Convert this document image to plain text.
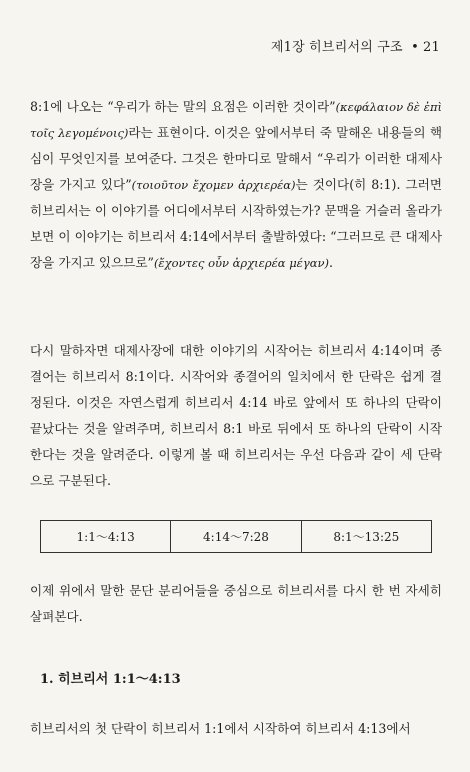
제1장 히브리서의 구조 • 21

8:1에 나오는 “우리가 하는 말의 요점은 이러한 것이라”(κεφάλαιον δὲ ἐπὶ τοῖς λεγομένοις)라는 표현이다. 이것은 앞에서부터 죽 말해온 내용들의 핵심이 무엇인지를 보여준다. 그것은 한마디로 말해서 “우리가 이러한 대제사장을 가지고 있다”(τοιοῦτον ἔχομεν ἀρχιερέα)는 것이다(히 8:1). 그러면 히브리서는 이 이야기를 어디에서부터 시작하였는가? 문맥을 거슬러 올라가 보면 이 이야기는 히브리서 4:14에서부터 출발하였다: “그러므로 큰 대제사장을 가지고 있으므로”(ἔχοντες οὖν ἀρχιερέα μέγαν).

다시 말하자면 대제사장에 대한 이야기의 시작어는 히브리서 4:14이며 종결어는 히브리서 8:1이다. 시작어와 종결어의 일치에서 한 단락은 쉽게 결정된다. 이것은 자연스럽게 히브리서 4:14 바로 앞에서 또 하나의 단락이 끝났다는 것을 알려주며, 히브리서 8:1 바로 뒤에서 또 하나의 단락이 시작한다는 것을 알려준다. 이렇게 볼 때 히브리서는 우선 다음과 같이 세 단락으로 구분된다.

1:1～4:13	4:14～7:28	8:1～13:25

이제 위에서 말한 문단 분리어들을 중심으로 히브리서를 다시 한 번 자세히 살펴본다.

1. 히브리서 1:1～4:13

히브리서의 첫 단락이 히브리서 1:1에서 시작하여 히브리서 4:13에서
